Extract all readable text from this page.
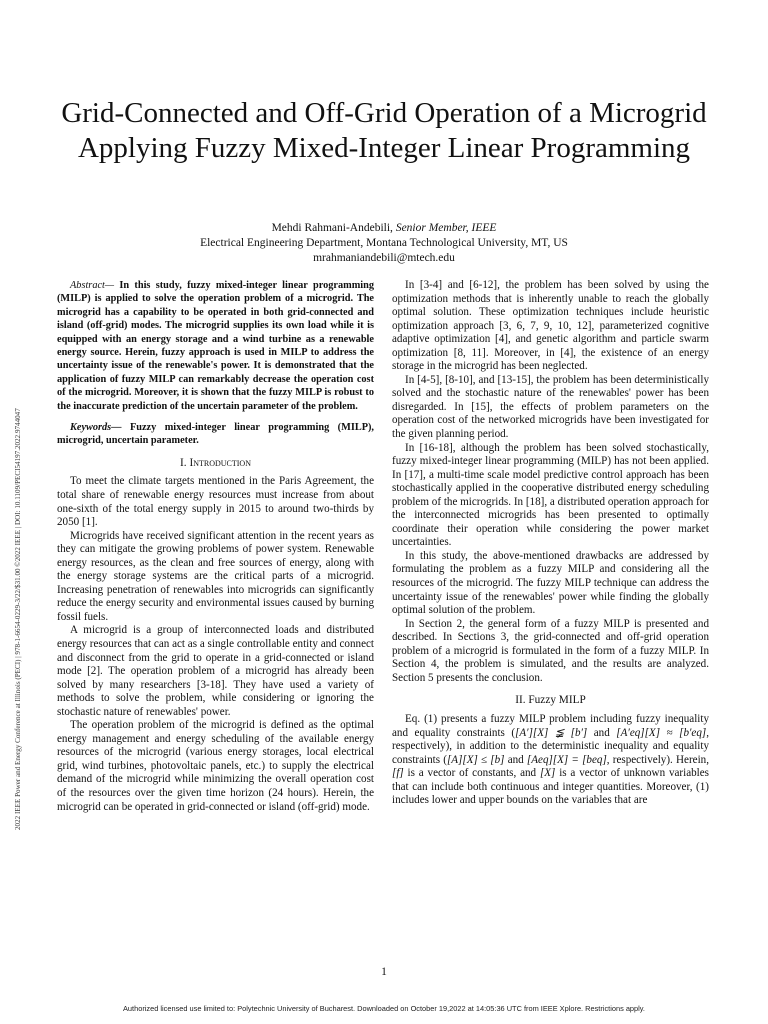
2022 IEEE Power and Energy Conference at Illinois (PECI) | 978-1-6654-0229-3/22/$31.00 ©2022 IEEE | DOI: 10.1109/PECI54197.2022.9744047
Grid-Connected and Off-Grid Operation of a Microgrid Applying Fuzzy Mixed-Integer Linear Programming
Mehdi Rahmani-Andebili, Senior Member, IEEE
Electrical Engineering Department, Montana Technological University, MT, US
mrahmaniandebili@mtech.edu

Abstract— In this study, fuzzy mixed-integer linear programming (MILP) is applied to solve the operation problem of a microgrid. The microgrid has a capability to be operated in both grid-connected and island (off-grid) modes. The microgrid supplies its own load while it is equipped with an energy storage and a wind turbine as a renewable energy source. Herein, fuzzy approach is used in MILP to address the uncertainty issue of the renewable's power. It is demonstrated that the application of fuzzy MILP can remarkably decrease the operation cost of the microgrid. Moreover, it is shown that the fuzzy MILP is robust to the inaccurate prediction of the uncertain parameter of the problem.

Keywords— Fuzzy mixed-integer linear programming (MILP), microgrid, uncertain parameter.

I. Introduction

To meet the climate targets mentioned in the Paris Agreement, the total share of renewable energy resources must increase from about one-sixth of the total energy supply in 2015 to around two-thirds by 2050 [1].

Microgrids have received significant attention in the recent years as they can mitigate the growing problems of power system. Renewable energy resources, as the clean and free sources of energy, along with the energy storage systems are the critical parts of a microgrid. Increasing penetration of renewables into microgrids can significantly reduce the energy security and environmental issues caused by burning fossil fuels.

A microgrid is a group of interconnected loads and distributed energy resources that can act as a single controllable entity and connect and disconnect from the grid to operate in a grid-connected or island mode [2]. The operation problem of a microgrid has already been solved by many researchers [3-18]. They have used a variety of methods to solve the problem, while considering or ignoring the stochastic nature of renewables' power.

The operation problem of the microgrid is defined as the optimal energy management and energy scheduling of the available energy resources of the microgrid (various energy storages, local electrical grid, wind turbines, photovoltaic panels, etc.) to supply the electrical demand of the microgrid while minimizing the overall operation cost of the resources over the given time horizon (24 hours). Herein, the microgrid can be operated in grid-connected or island (off-grid) mode.

In [3-4] and [6-12], the problem has been solved by using the optimization methods that is inherently unable to reach the globally optimal solution. These optimization techniques include heuristic optimization approach [3, 6, 7, 9, 10, 12], parameterized cognitive adaptive optimization [4], and genetic algorithm and particle swarm optimization [8, 11]. Moreover, in [4], the existence of an energy storage in the microgrid has been neglected.

In [4-5], [8-10], and [13-15], the problem has been deterministically solved and the stochastic nature of the renewables' power has been disregarded. In [15], the effects of problem parameters on the operation cost of the networked microgrids have been investigated for the given planning period.

In [16-18], although the problem has been solved stochastically, fuzzy mixed-integer linear programming (MILP) has not been applied. In [17], a multi-time scale model predictive control approach has been stochastically applied in the cooperative distributed energy scheduling problem of the microgrids. In [18], a distributed operation approach for the interconnected microgrids has been presented to optimally coordinate their operation while considering the power market uncertainties.

In this study, the above-mentioned drawbacks are addressed by formulating the problem as a fuzzy MILP and considering all the resources of the microgrid. The fuzzy MILP technique can address the uncertainty issue of the renewables' power while finding the globally optimal solution of the problem.

In Section 2, the general form of a fuzzy MILP is presented and described. In Sections 3, the grid-connected and off-grid operation problem of a microgrid is formulated in the form of a fuzzy MILP. In Section 4, the problem is simulated, and the results are analyzed. Section 5 presents the conclusion.

II. Fuzzy MILP

Eq. (1) presents a fuzzy MILP problem including fuzzy inequality and equality constraints ([A′][X] ≨ [b′] and [A′eq][X] ≈ [b′eq], respectively), in addition to the deterministic inequality and equality constraints ([A][X] ≤ [b] and [Aeq][X] = [beq], respectively). Herein, [f] is a vector of constants, and [X] is a vector of unknown variables that can include both continuous and integer quantities. Moreover, (1) includes lower and upper bounds on the variables that are

1
Authorized licensed use limited to: Polytechnic University of Bucharest. Downloaded on October 19,2022 at 14:05:36 UTC from IEEE Xplore. Restrictions apply.
